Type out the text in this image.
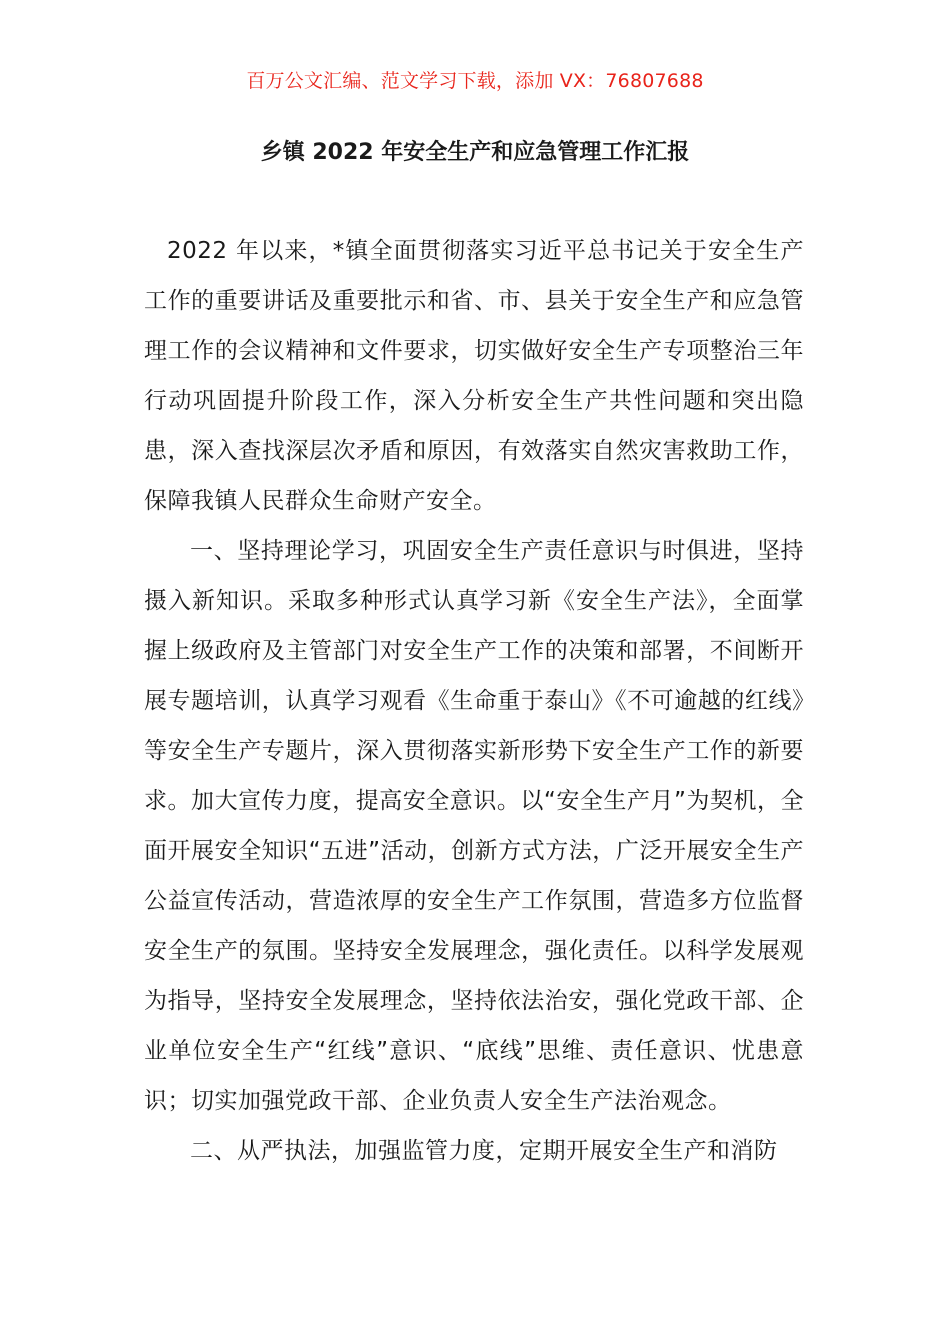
百万公文汇编、范文学习下载，添加 VX：76807688
乡镇 2022 年安全生产和应急管理工作汇报

2022 年以来，*镇全面贯彻落实习近平总书记关于安全生产工作的重要讲话及重要批示和省、市、县关于安全生产和应急管理工作的会议精神和文件要求，切实做好安全生产专项整治三年行动巩固提升阶段工作，深入分析安全生产共性问题和突出隐患，深入查找深层次矛盾和原因，有效落实自然灾害救助工作，保障我镇人民群众生命财产安全。

一、坚持理论学习，巩固安全生产责任意识与时俱进，坚持摄入新知识。采取多种形式认真学习新《安全生产法》，全面掌握上级政府及主管部门对安全生产工作的决策和部署，不间断开展专题培训，认真学习观看《生命重于泰山》《不可逾越的红线》等安全生产专题片，深入贯彻落实新形势下安全生产工作的新要求。加大宣传力度，提高安全意识。以“安全生产月”为契机，全面开展安全知识“五进”活动，创新方式方法，广泛开展安全生产公益宣传活动，营造浓厚的安全生产工作氛围，营造多方位监督安全生产的氛围。坚持安全发展理念，强化责任。以科学发展观为指导，坚持安全发展理念，坚持依法治安，强化党政干部、企业单位安全生产“红线”意识、“底线”思维、责任意识、忧患意识；切实加强党政干部、企业负责人安全生产法治观念。

二、从严执法，加强监管力度，定期开展安全生产和消防
